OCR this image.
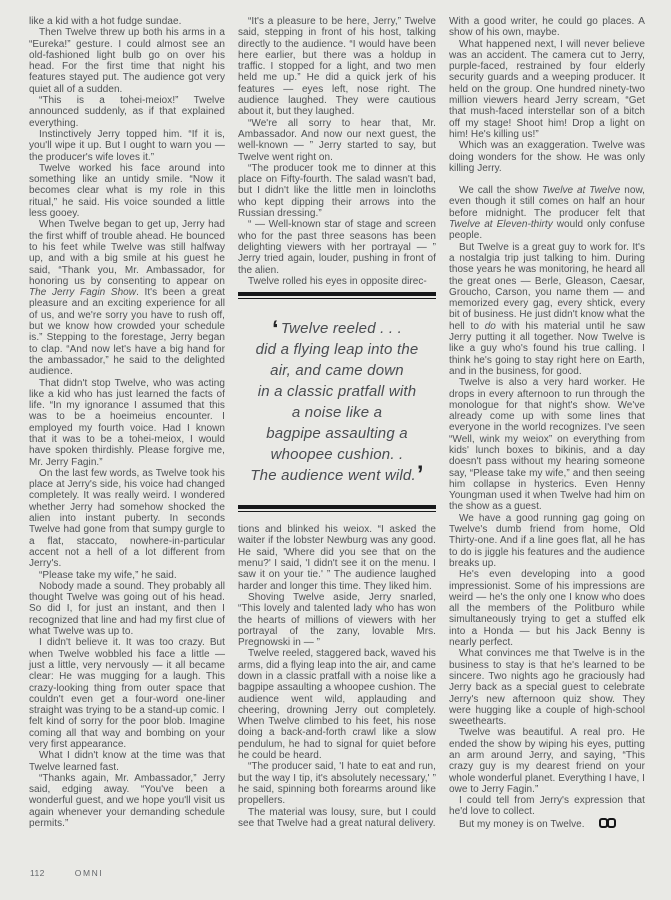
like a kid with a hot fudge sundae.

Then Twelve threw up both his arms in a “Eureka!” gesture. I could almost see an old-fashioned light bulb go on over his head. For the first time that night his features stayed put. The audience got very quiet all of a sudden.

“This is a tohei-meiox!” Twelve announced suddenly, as if that explained everything.

Instinctively Jerry topped him. “If it is, you'll wipe it up. But I ought to warn you — the producer's wife loves it.”

Twelve worked his face around into something like an untidy smile. “Now it becomes clear what is my role in this ritual,” he said. His voice sounded a little less gooey.

When Twelve began to get up, Jerry had the first whiff of trouble ahead. He bounced to his feet while Twelve was still halfway up, and with a big smile at his guest he said, “Thank you, Mr. Ambassador, for honoring us by consenting to appear on The Jerry Fagin Show. It's been a great pleasure and an exciting experience for all of us, and we're sorry you have to rush off, but we know how crowded your schedule is.” Stepping to the forestage, Jerry began to clap. “And now let's have a big hand for the ambassador,” he said to the delighted audience.

That didn't stop Twelve, who was acting like a kid who has just learned the facts of life. “In my ignorance I assumed that this was to be a hoeimeius encounter. I employed my fourth voice. Had I known that it was to be a tohei-meiox, I would have spoken thirdishly. Please forgive me, Mr. Jerry Fagin.”

On the last few words, as Twelve took his place at Jerry's side, his voice had changed completely. It was really weird. I wondered whether Jerry had somehow shocked the alien into instant puberty. In seconds Twelve had gone from that sumpy gurgle to a flat, staccato, nowhere-in-particular accent not a hell of a lot different from Jerry's.

“Please take my wife,” he said.

Nobody made a sound. They probably all thought Twelve was going out of his head. So did I, for just an instant, and then I recognized that line and had my first clue of what Twelve was up to.

I didn't believe it. It was too crazy. But when Twelve wobbled his face a little — just a little, very nervously — it all became clear: He was mugging for a laugh. This crazy-looking thing from outer space that couldn't even get a four-word one-liner straight was trying to be a stand-up comic. I felt kind of sorry for the poor blob. Imagine coming all that way and bombing on your very first appearance.

What I didn't know at the time was that Twelve learned fast.

“Thanks again, Mr. Ambassador,” Jerry said, edging away. “You've been a wonderful guest, and we hope you'll visit us again whenever your demanding schedule permits.”

“It's a pleasure to be here, Jerry,” Twelve said, stepping in front of his host, talking directly to the audience. “I would have been here earlier, but there was a holdup in traffic. I stopped for a light, and two men held me up.” He did a quick jerk of his features — eyes left, nose right. The audience laughed. They were cautious about it, but they laughed.

“We're all sorry to hear that, Mr. Ambassador. And now our next guest, the well-known — ” Jerry started to say, but Twelve went right on.

“The producer took me to dinner at this place on Fifty-fourth. The salad wasn't bad, but I didn't like the little men in loincloths who kept dipping their arrows into the Russian dressing.”

“ — Well-known star of stage and screen who for the past three seasons has been delighting viewers with her portrayal — ” Jerry tried again, louder, pushing in front of the alien.

Twelve rolled his eyes in opposite direc-

‘ Twelve reeled . . .
did a flying leap into the
air, and came down
in a classic pratfall with
a noise like a
bagpipe assaulting a
whoopee cushion. .
The audience went wild.’

tions and blinked his weiox. “I asked the waiter if the lobster Newburg was any good. He said, 'Where did you see that on the menu?' I said, 'I didn't see it on the menu. I saw it on your tie.' ” The audience laughed harder and longer this time. They liked him.

Shoving Twelve aside, Jerry snarled, “This lovely and talented lady who has won the hearts of millions of viewers with her portrayal of the zany, lovable Mrs. Pregnowski in — ”

Twelve reeled, staggered back, waved his arms, did a flying leap into the air, and came down in a classic pratfall with a noise like a bagpipe assaulting a whoopee cushion. The audience went wild, applauding and cheering, drowning Jerry out completely. When Twelve climbed to his feet, his nose doing a back-and-forth crawl like a slow pendulum, he had to signal for quiet before he could be heard.

“The producer said, 'I hate to eat and run, but the way I tip, it's absolutely necessary,' ” he said, spinning both forearms around like propellers.

The material was lousy, sure, but I could see that Twelve had a great natural delivery.

With a good writer, he could go places. A show of his own, maybe.

What happened next, I will never believe was an accident. The camera cut to Jerry, purple-faced, restrained by four elderly security guards and a weeping producer. It held on the group. One hundred ninety-two million viewers heard Jerry scream, “Get that mush-faced interstellar son of a bitch off my stage! Shoot him! Drop a light on him! He's killing us!”

Which was an exaggeration. Twelve was doing wonders for the show. He was only killing Jerry.

We call the show Twelve at Twelve now, even though it still comes on half an hour before midnight. The producer felt that Twelve at Eleven-thirty would only confuse people.

But Twelve is a great guy to work for. It's a nostalgia trip just talking to him. During those years he was monitoring, he heard all the great ones — Berle, Gleason, Caesar, Groucho, Carson, you name them — and memorized every gag, every shtick, every bit of business. He just didn't know what the hell to do with his material until he saw Jerry putting it all together. Now Twelve is like a guy who's found his true calling. I think he's going to stay right here on Earth, and in the business, for good.

Twelve is also a very hard worker. He drops in every afternoon to run through the monologue for that night's show. We've already come up with some lines that everyone in the world recognizes. I've seen “Well, wink my weiox” on everything from kids' lunch boxes to bikinis, and a day doesn't pass without my hearing someone say, “Please take my wife,” and then seeing him collapse in hysterics. Even Henny Youngman used it when Twelve had him on the show as a guest.

We have a good running gag going on Twelve's dumb friend from home, Old Thirty-one. And if a line goes flat, all he has to do is jiggle his features and the audience breaks up.

He's even developing into a good impressionist. Some of his impressions are weird — he's the only one I know who does all the members of the Politburo while simultaneously trying to get a stuffed elk into a Honda — but his Jack Benny is nearly perfect.

What convinces me that Twelve is in the business to stay is that he's learned to be sincere. Two nights ago he graciously had Jerry back as a special guest to celebrate Jerry's new afternoon quiz show. They were hugging like a couple of high-school sweethearts.

Twelve was beautiful. A real pro. He ended the show by wiping his eyes, putting an arm around Jerry, and saying, “This crazy guy is my dearest friend on your whole wonderful planet. Everything I have, I owe to Jerry Fagin.”

I could tell from Jerry's expression that he'd love to collect.

But my money is on Twelve.

112	OMNI
